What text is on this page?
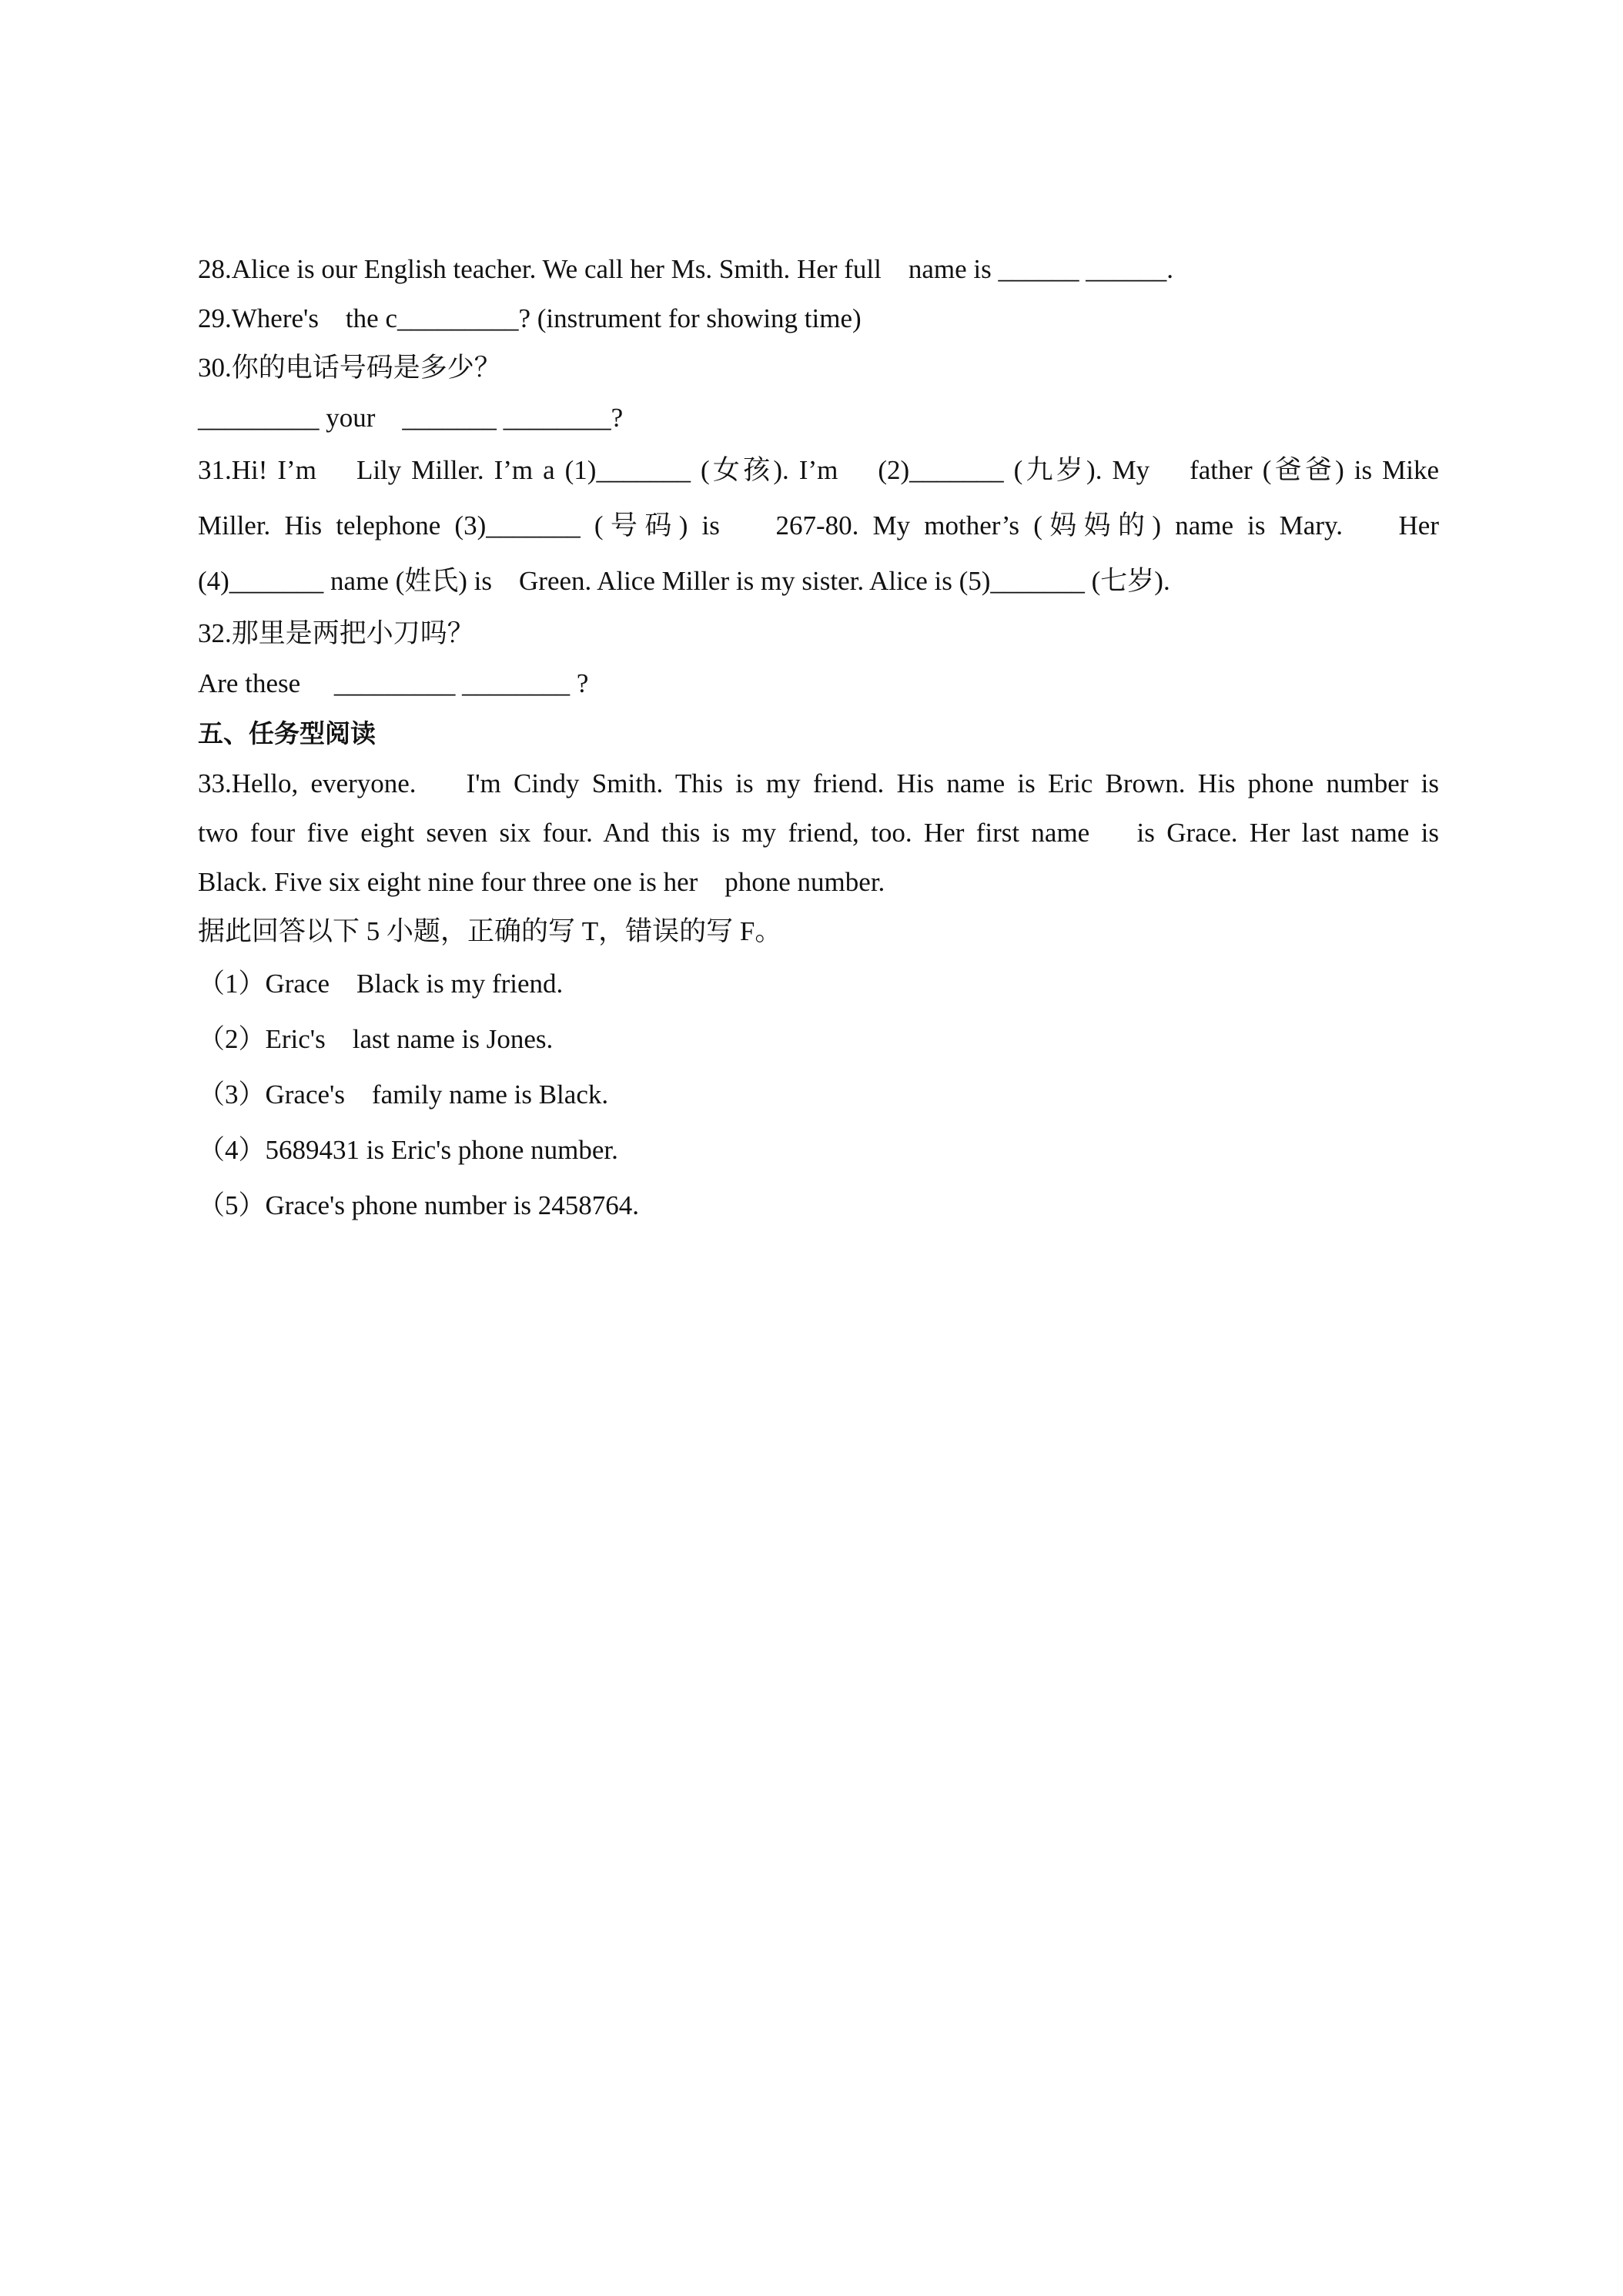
28.Alice is our English teacher. We call her Ms. Smith. Her full    name is ______ ______.
29.Where's    the c_________? (instrument for showing time)
30.你的电话号码是多少？
_________ your    _______ ________?
31.Hi! I’m    Lily Miller. I’m a (1)_______ (女孩). I’m    (2)_______ (九岁). My    father (爸爸) is Mike
Miller. His telephone (3)_______ (号码) is    267-80. My mother’s (妈妈的) name is Mary.    Her
(4)_______ name (姓氏) is    Green. Alice Miller is my sister. Alice is (5)_______ (七岁).
32.那里是两把小刀吗？
Are these     _________ ________ ?
五、任务型阅读
33.Hello, everyone.    I'm Cindy Smith. This is my friend. His name is Eric Brown. His phone number is
two four five eight seven six four. And this is my friend, too. Her first name    is Grace. Her last name is
Black. Five six eight nine four three one is her    phone number.
据此回答以下 5 小题，正确的写 T，错误的写 F。
（1）Grace    Black is my friend.
（2）Eric's    last name is Jones.
（3）Grace's    family name is Black.
（4）5689431 is Eric's phone number.
（5）Grace's phone number is 2458764.
